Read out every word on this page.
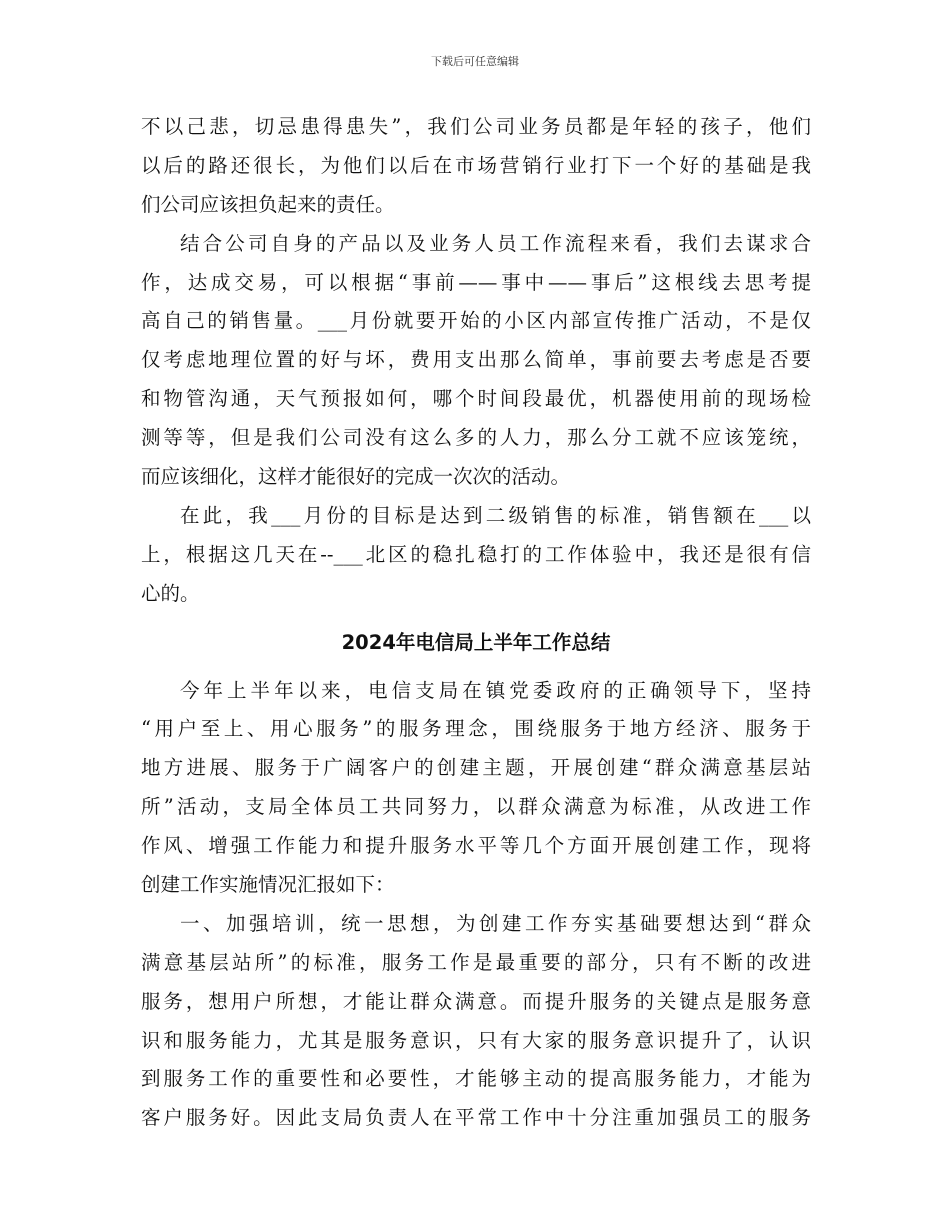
下载后可任意编辑
不以己悲，切忌患得患失”，我们公司业务员都是年轻的孩子，他们
以后的路还很长，为他们以后在市场营销行业打下一个好的基础是我
们公司应该担负起来的责任。
结合公司自身的产品以及业务人员工作流程来看，我们去谋求合
作，达成交易，可以根据“事前——事中——事后”这根线去思考提
高自己的销售量。___月份就要开始的小区内部宣传推广活动，不是仅
仅考虑地理位置的好与坏，费用支出那么简单，事前要去考虑是否要
和物管沟通，天气预报如何，哪个时间段最优，机器使用前的现场检
测等等，但是我们公司没有这么多的人力，那么分工就不应该笼统，
而应该细化，这样才能很好的完成一次次的活动。
在此，我___月份的目标是达到二级销售的标准，销售额在___以
上，根据这几天在--___北区的稳扎稳打的工作体验中，我还是很有信
心的。
2024年电信局上半年工作总结
今年上半年以来，电信支局在镇党委政府的正确领导下，坚持
“用户至上、用心服务”的服务理念，围绕服务于地方经济、服务于
地方进展、服务于广阔客户的创建主题，开展创建“群众满意基层站
所”活动，支局全体员工共同努力，以群众满意为标准，从改进工作
作风、增强工作能力和提升服务水平等几个方面开展创建工作，现将
创建工作实施情况汇报如下：
一、加强培训，统一思想，为创建工作夯实基础要想达到“群众
满意基层站所”的标准，服务工作是最重要的部分，只有不断的改进
服务，想用户所想，才能让群众满意。而提升服务的关键点是服务意
识和服务能力，尤其是服务意识，只有大家的服务意识提升了，认识
到服务工作的重要性和必要性，才能够主动的提高服务能力，才能为
客户服务好。因此支局负责人在平常工作中十分注重加强员工的服务
